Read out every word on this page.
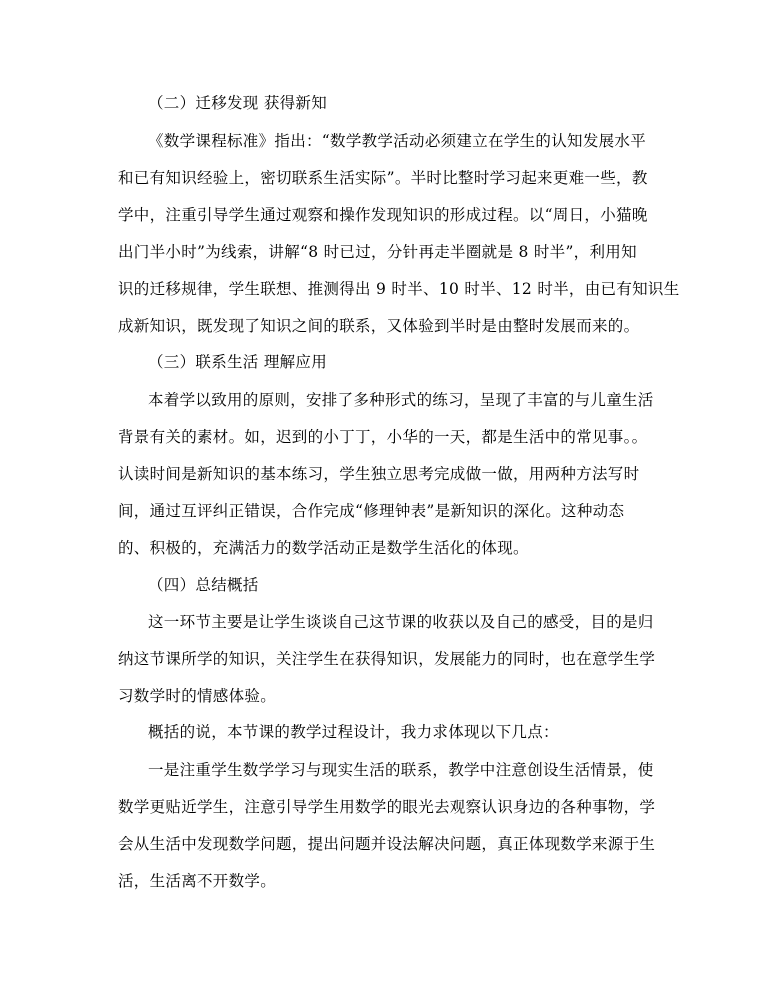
（二）迁移发现 获得新知
《数学课程标准》指出：“数学教学活动必须建立在学生的认知发展水平
和已有知识经验上，密切联系生活实际”。半时比整时学习起来更难一些，教
学中，注重引导学生通过观察和操作发现知识的形成过程。以“周日，小猫晚
出门半小时”为线索，讲解“8 时已过，分针再走半圈就是 8 时半”，利用知
识的迁移规律，学生联想、推测得出 9 时半、10 时半、12 时半，由已有知识生
成新知识，既发现了知识之间的联系，又体验到半时是由整时发展而来的。
（三）联系生活 理解应用
本着学以致用的原则，安排了多种形式的练习，呈现了丰富的与儿童生活
背景有关的素材。如，迟到的小丁丁，小华的一天，都是生活中的常见事。。
认读时间是新知识的基本练习，学生独立思考完成做一做，用两种方法写时
间，通过互评纠正错误，合作完成“修理钟表”是新知识的深化。这种动态
的、积极的，充满活力的数学活动正是数学生活化的体现。
（四）总结概括
这一环节主要是让学生谈谈自己这节课的收获以及自己的感受，目的是归
纳这节课所学的知识，关注学生在获得知识，发展能力的同时，也在意学生学
习数学时的情感体验。
概括的说，本节课的教学过程设计，我力求体现以下几点：
一是注重学生数学学习与现实生活的联系，教学中注意创设生活情景，使
数学更贴近学生，注意引导学生用数学的眼光去观察认识身边的各种事物，学
会从生活中发现数学问题，提出问题并设法解决问题，真正体现数学来源于生
活，生活离不开数学。
